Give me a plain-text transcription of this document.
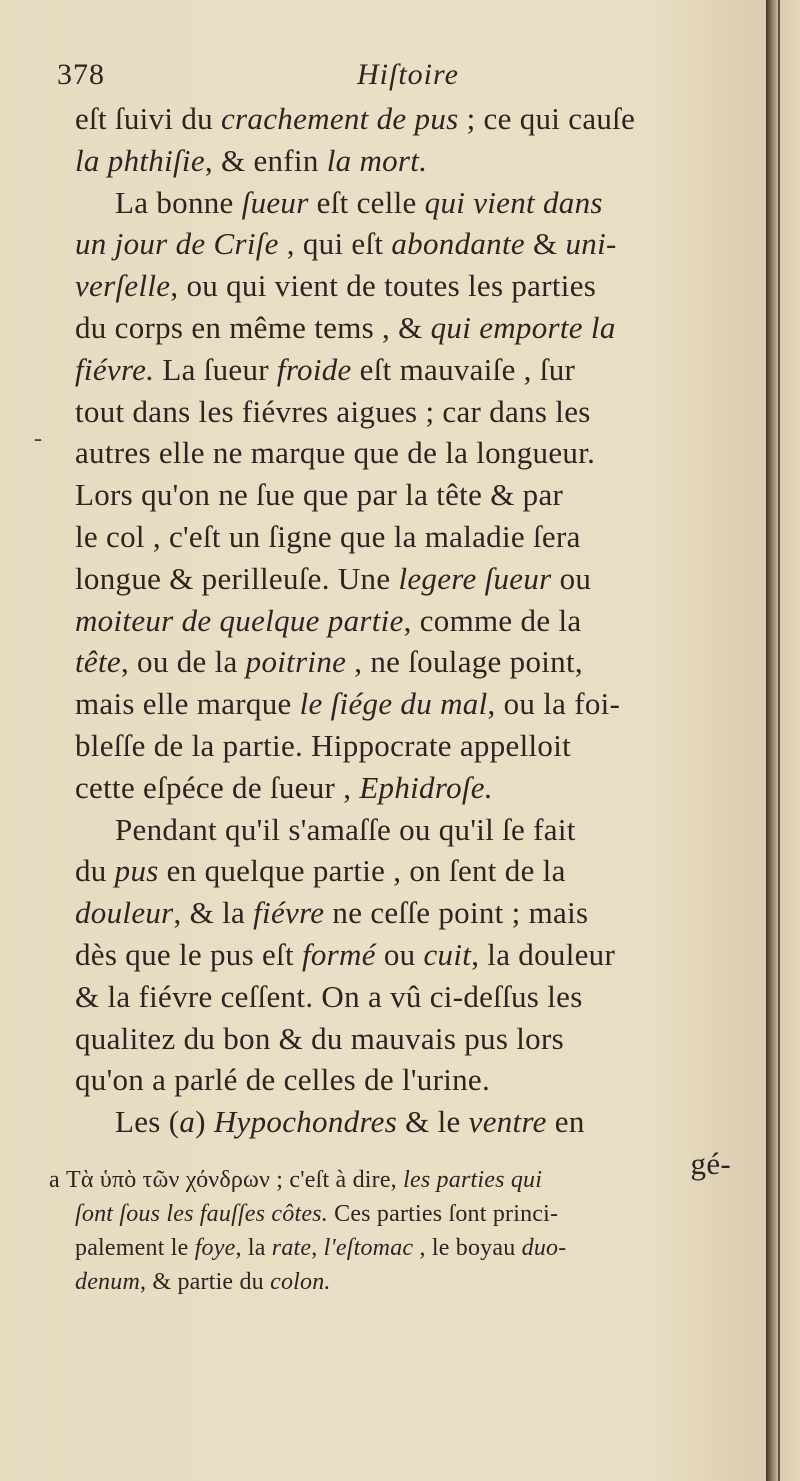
378	Hiſtoire
eſt ſuivi du crachement de pus ; ce qui cauſe
la phthiſie, & enfin la mort.
La bonne ſueur eſt celle qui vient dans
un jour de Criſe , qui eſt abondante & uni-
verſelle, ou qui vient de toutes les parties
du corps en même tems , & qui emporte la
fiévre. La ſueur froide eſt mauvaiſe , ſur
tout dans les fiévres aigues ; car dans les
autres elle ne marque que de la longueur.
Lors qu'on ne ſue que par la tête & par
le col , c'eſt un ſigne que la maladie ſera
longue & perilleuſe. Une legere ſueur ou
moiteur de quelque partie, comme de la
tête, ou de la poitrine , ne ſoulage point,
mais elle marque le ſiége du mal, ou la foi-
bleſſe de la partie. Hippocrate appelloit
cette eſpéce de ſueur , Ephidroſe.
Pendant qu'il s'amaſſe ou qu'il ſe fait
du pus en quelque partie , on ſent de la
douleur, & la fiévre ne ceſſe point ; mais
dès que le pus eſt formé ou cuit, la douleur
& la fiévre ceſſent. On a vû ci-deſſus les
qualitez du bon & du mauvais pus lors
qu'on a parlé de celles de l'urine.
Les (a) Hypochondres & le ventre en
gé-
a Τὰ ὑπὸ τῶν χόνδρων ; c'eſt à dire, les parties qui
ſont ſous les fauſſes côtes. Ces parties ſont princi-
palement le foye, la rate, l'eſtomac , le boyau duo-
denum, & partie du colon.
-
